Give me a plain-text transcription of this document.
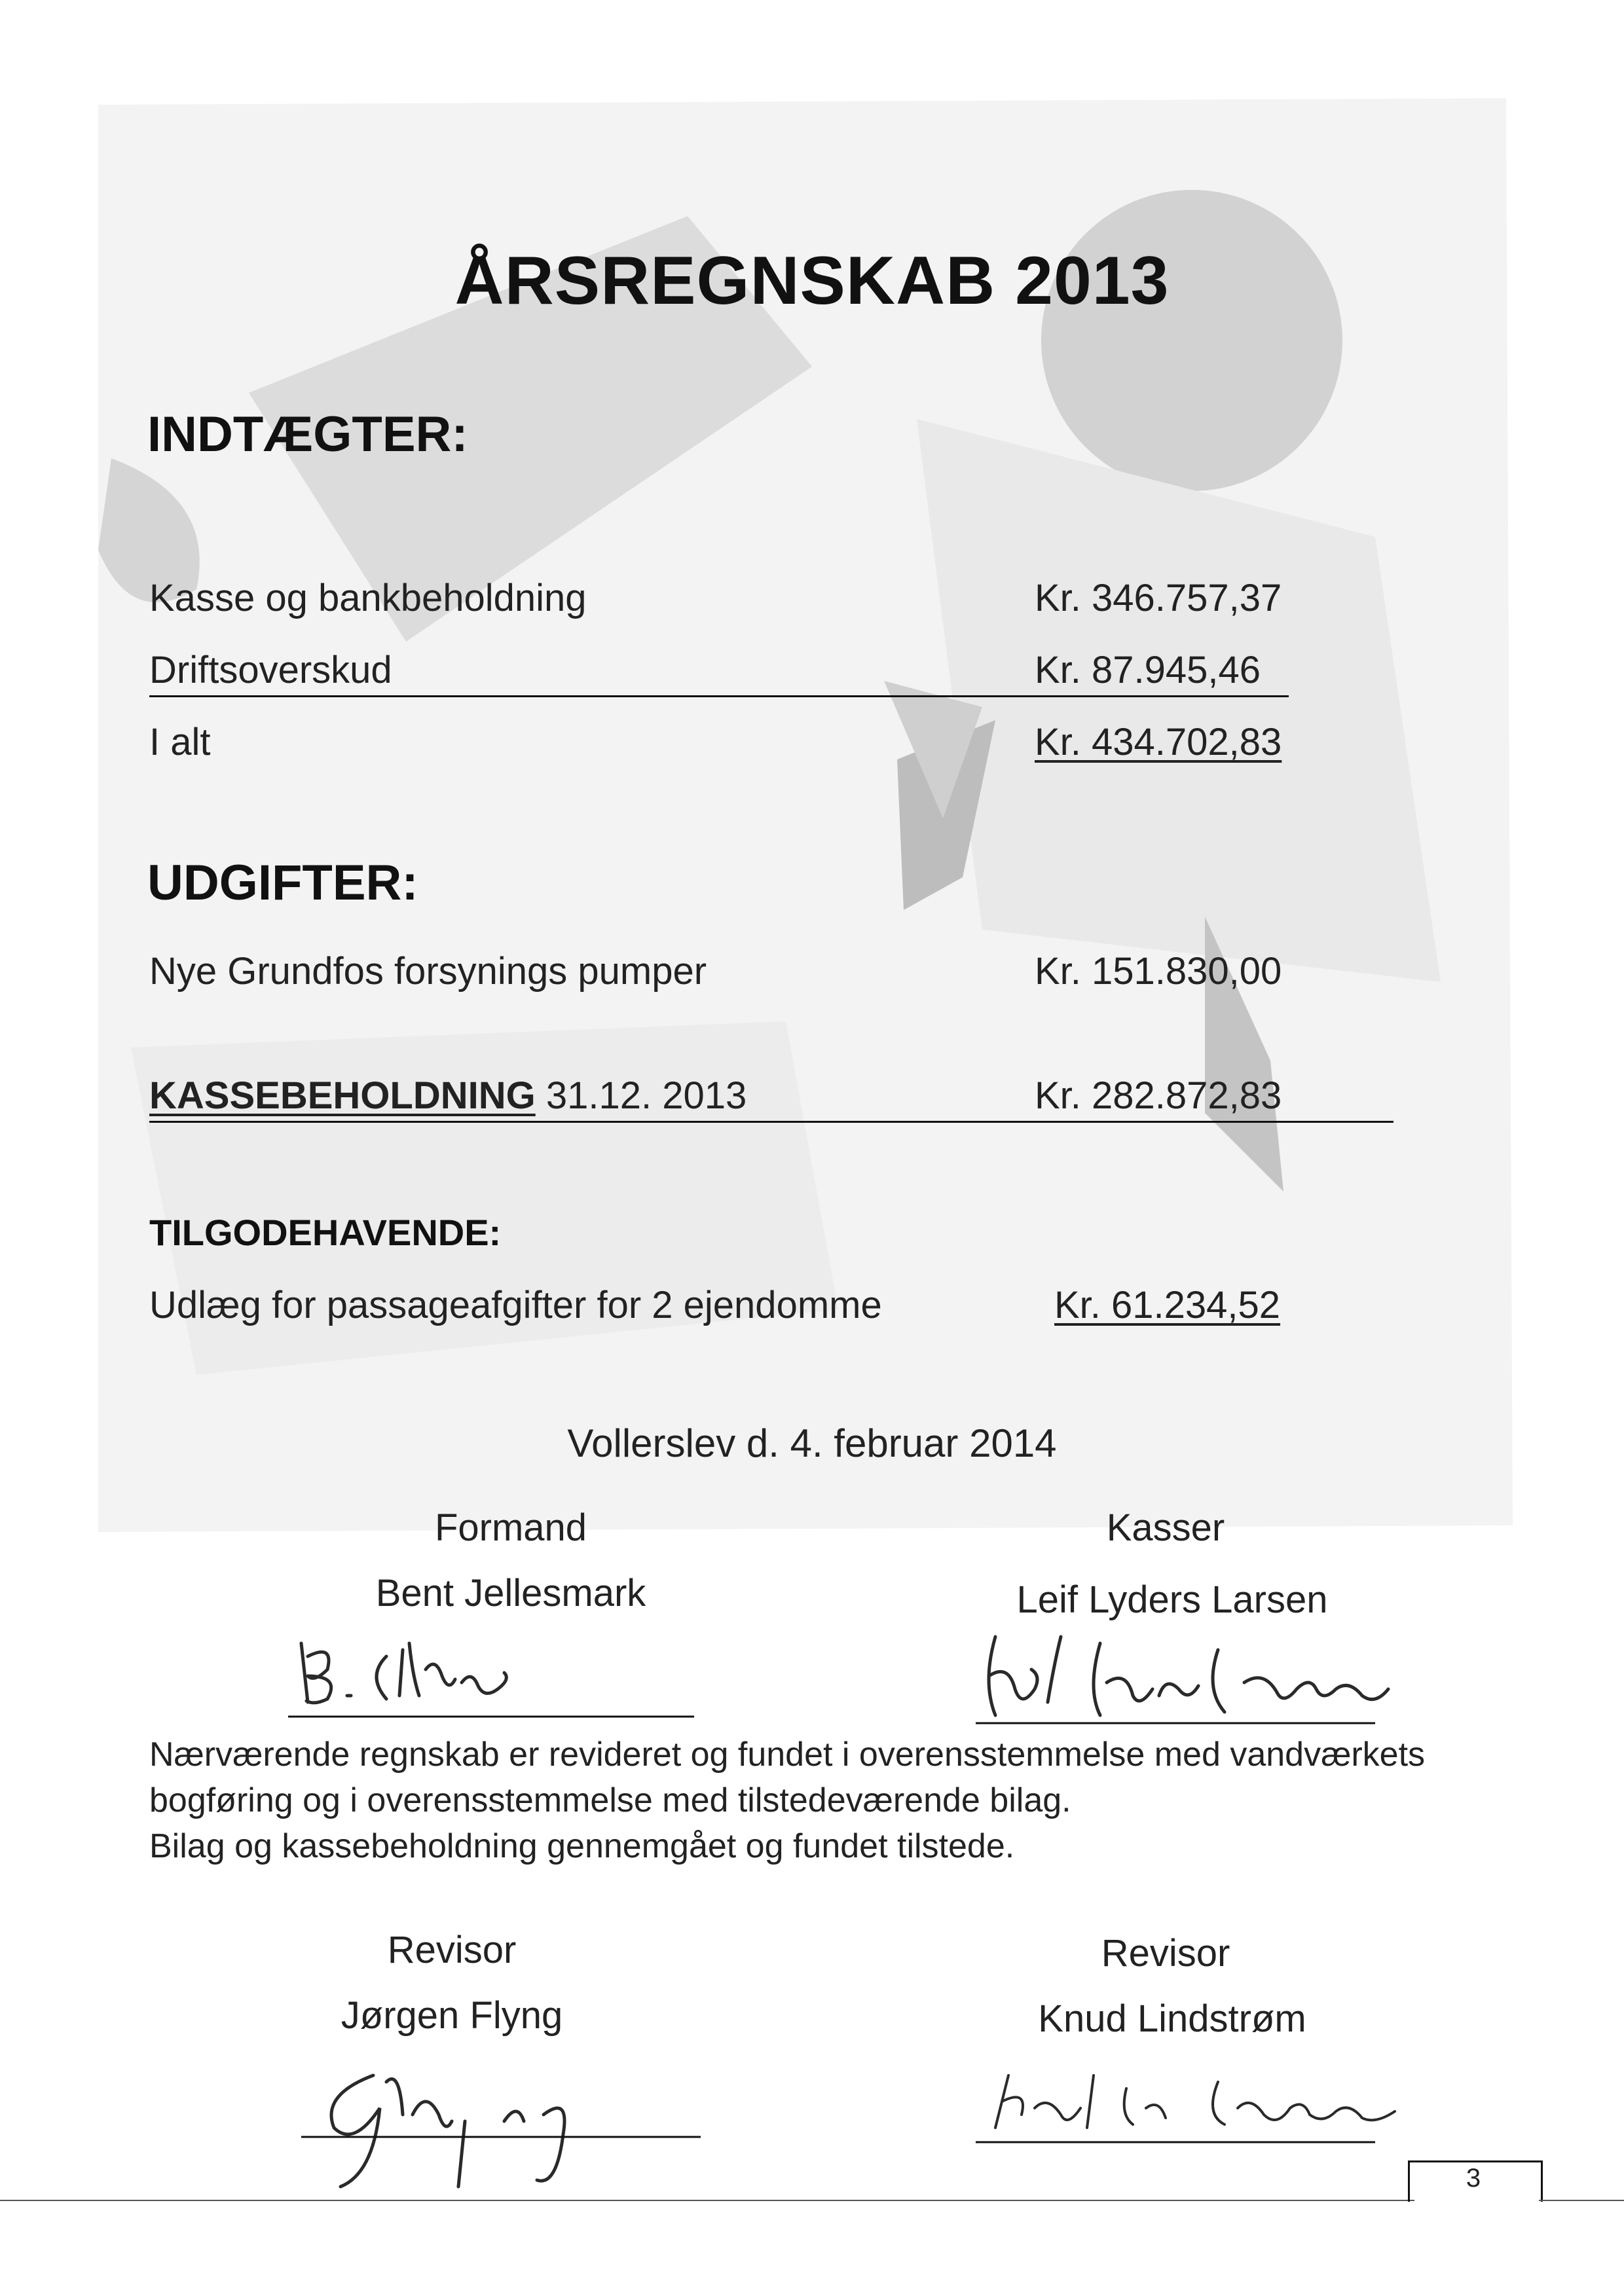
ÅRSREGNSKAB 2013
INDTÆGTER:
Kasse og bankbeholdning	Kr. 346.757,37
Driftsoverskud	Kr. 87.945,46
I alt	Kr. 434.702,83
UDGIFTER:
Nye Grundfos forsynings pumper	Kr. 151.830,00
KASSEBEHOLDNING 31.12. 2013	Kr. 282.872,83
TILGODEHAVENDE:
Udlæg for passageafgifter for 2 ejendomme	Kr. 61.234,52
Vollerslev d. 4. februar 2014
Formand
Bent Jellesmark
Kasser
Leif Lyders Larsen
Nærværende regnskab er revideret og fundet i overensstemmelse med vandværkets
bogføring og i overensstemmelse med tilstedeværende bilag.
Bilag og kassebeholdning gennemgået og fundet tilstede.
Revisor
Jørgen Flyng
Revisor
Knud Lindstrøm
3
